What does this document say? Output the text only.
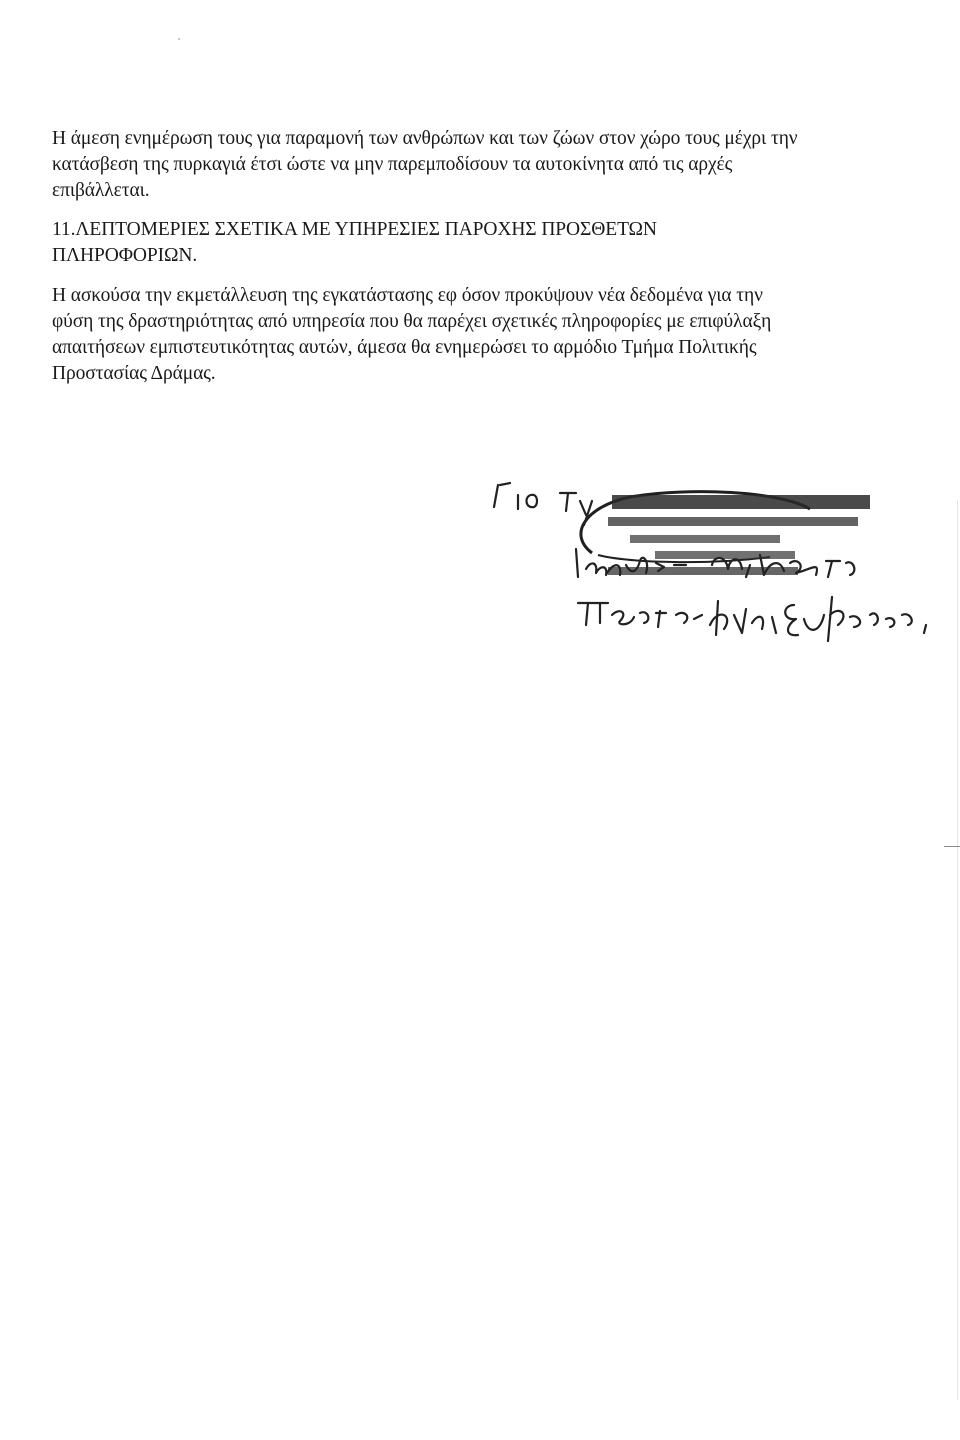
Η άμεση ενημέρωση τους για παραμονή των ανθρώπων και των ζώων στον χώρο τους μέχρι την
κατάσβεση της πυρκαγιά έτσι ώστε να μην παρεμποδίσουν τα αυτοκίνητα από τις αρχές
επιβάλλεται.
11.ΛΕΠΤΟΜΕΡΙΕΣ ΣΧΕΤΙΚΑ ΜΕ ΥΠΗΡΕΣΙΕΣ ΠΑΡΟΧΗΣ ΠΡΟΣΘΕΤΩΝ
ΠΛΗΡΟΦΟΡΙΩΝ.
Η ασκούσα την εκμετάλλευση της εγκατάστασης εφ όσον προκύψουν νέα δεδομένα για την
φύση της δραστηριότητας από υπηρεσία που θα παρέχει σχετικές πληροφορίες με επιφύλαξη
απαιτήσεων εμπιστευτικότητας αυτών, άμεσα θα ενημερώσει το αρμόδιο Τμήμα Πολιτικής
Προστασίας Δράμας.
